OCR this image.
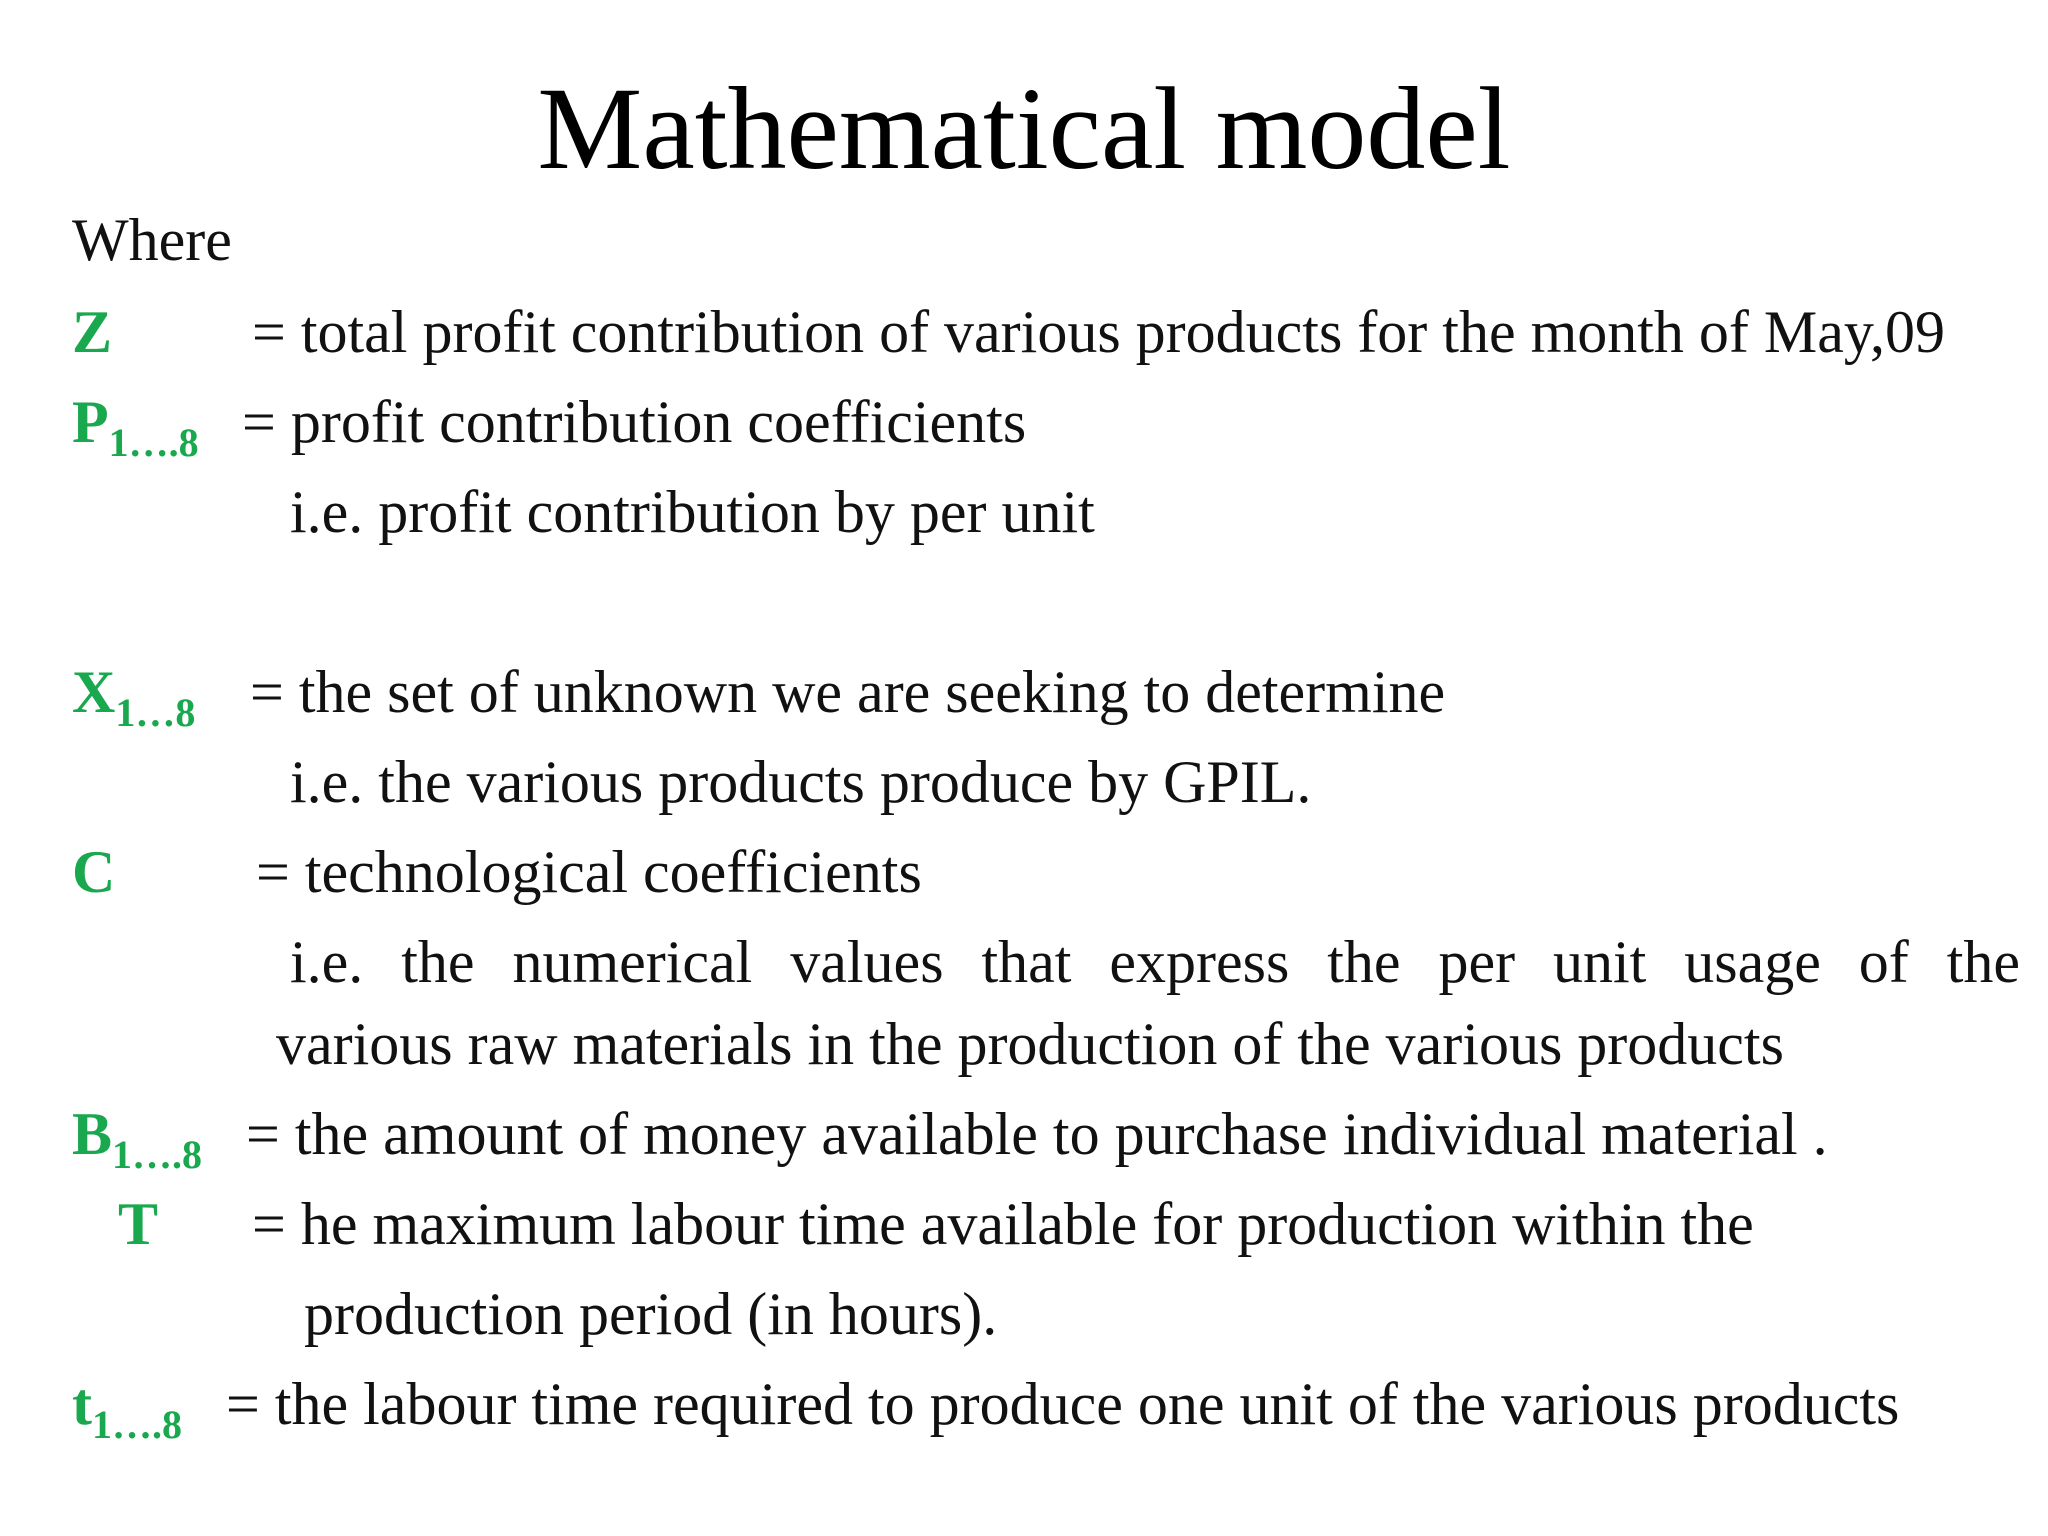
Mathematical model
Where
Z = total profit contribution of various products for the month of May,09
$P_{1\dots.8}$ = profit contribution coefficients
i.e. profit contribution by per unit
$X_{1\dots 8}$ = the set of unknown we are seeking to determine
i.e. the various products produce by GPIL.
C = technological coefficients
i.e. the numerical values that express the per unit usage of the
various raw materials in the production of the various products
$B_{1\dots.8}$ = the amount of money available to purchase individual material .
T = he maximum labour time available for production within the
production period (in hours).
$t_{1\dots.8}$ = the labour time required to produce one unit of the various products
